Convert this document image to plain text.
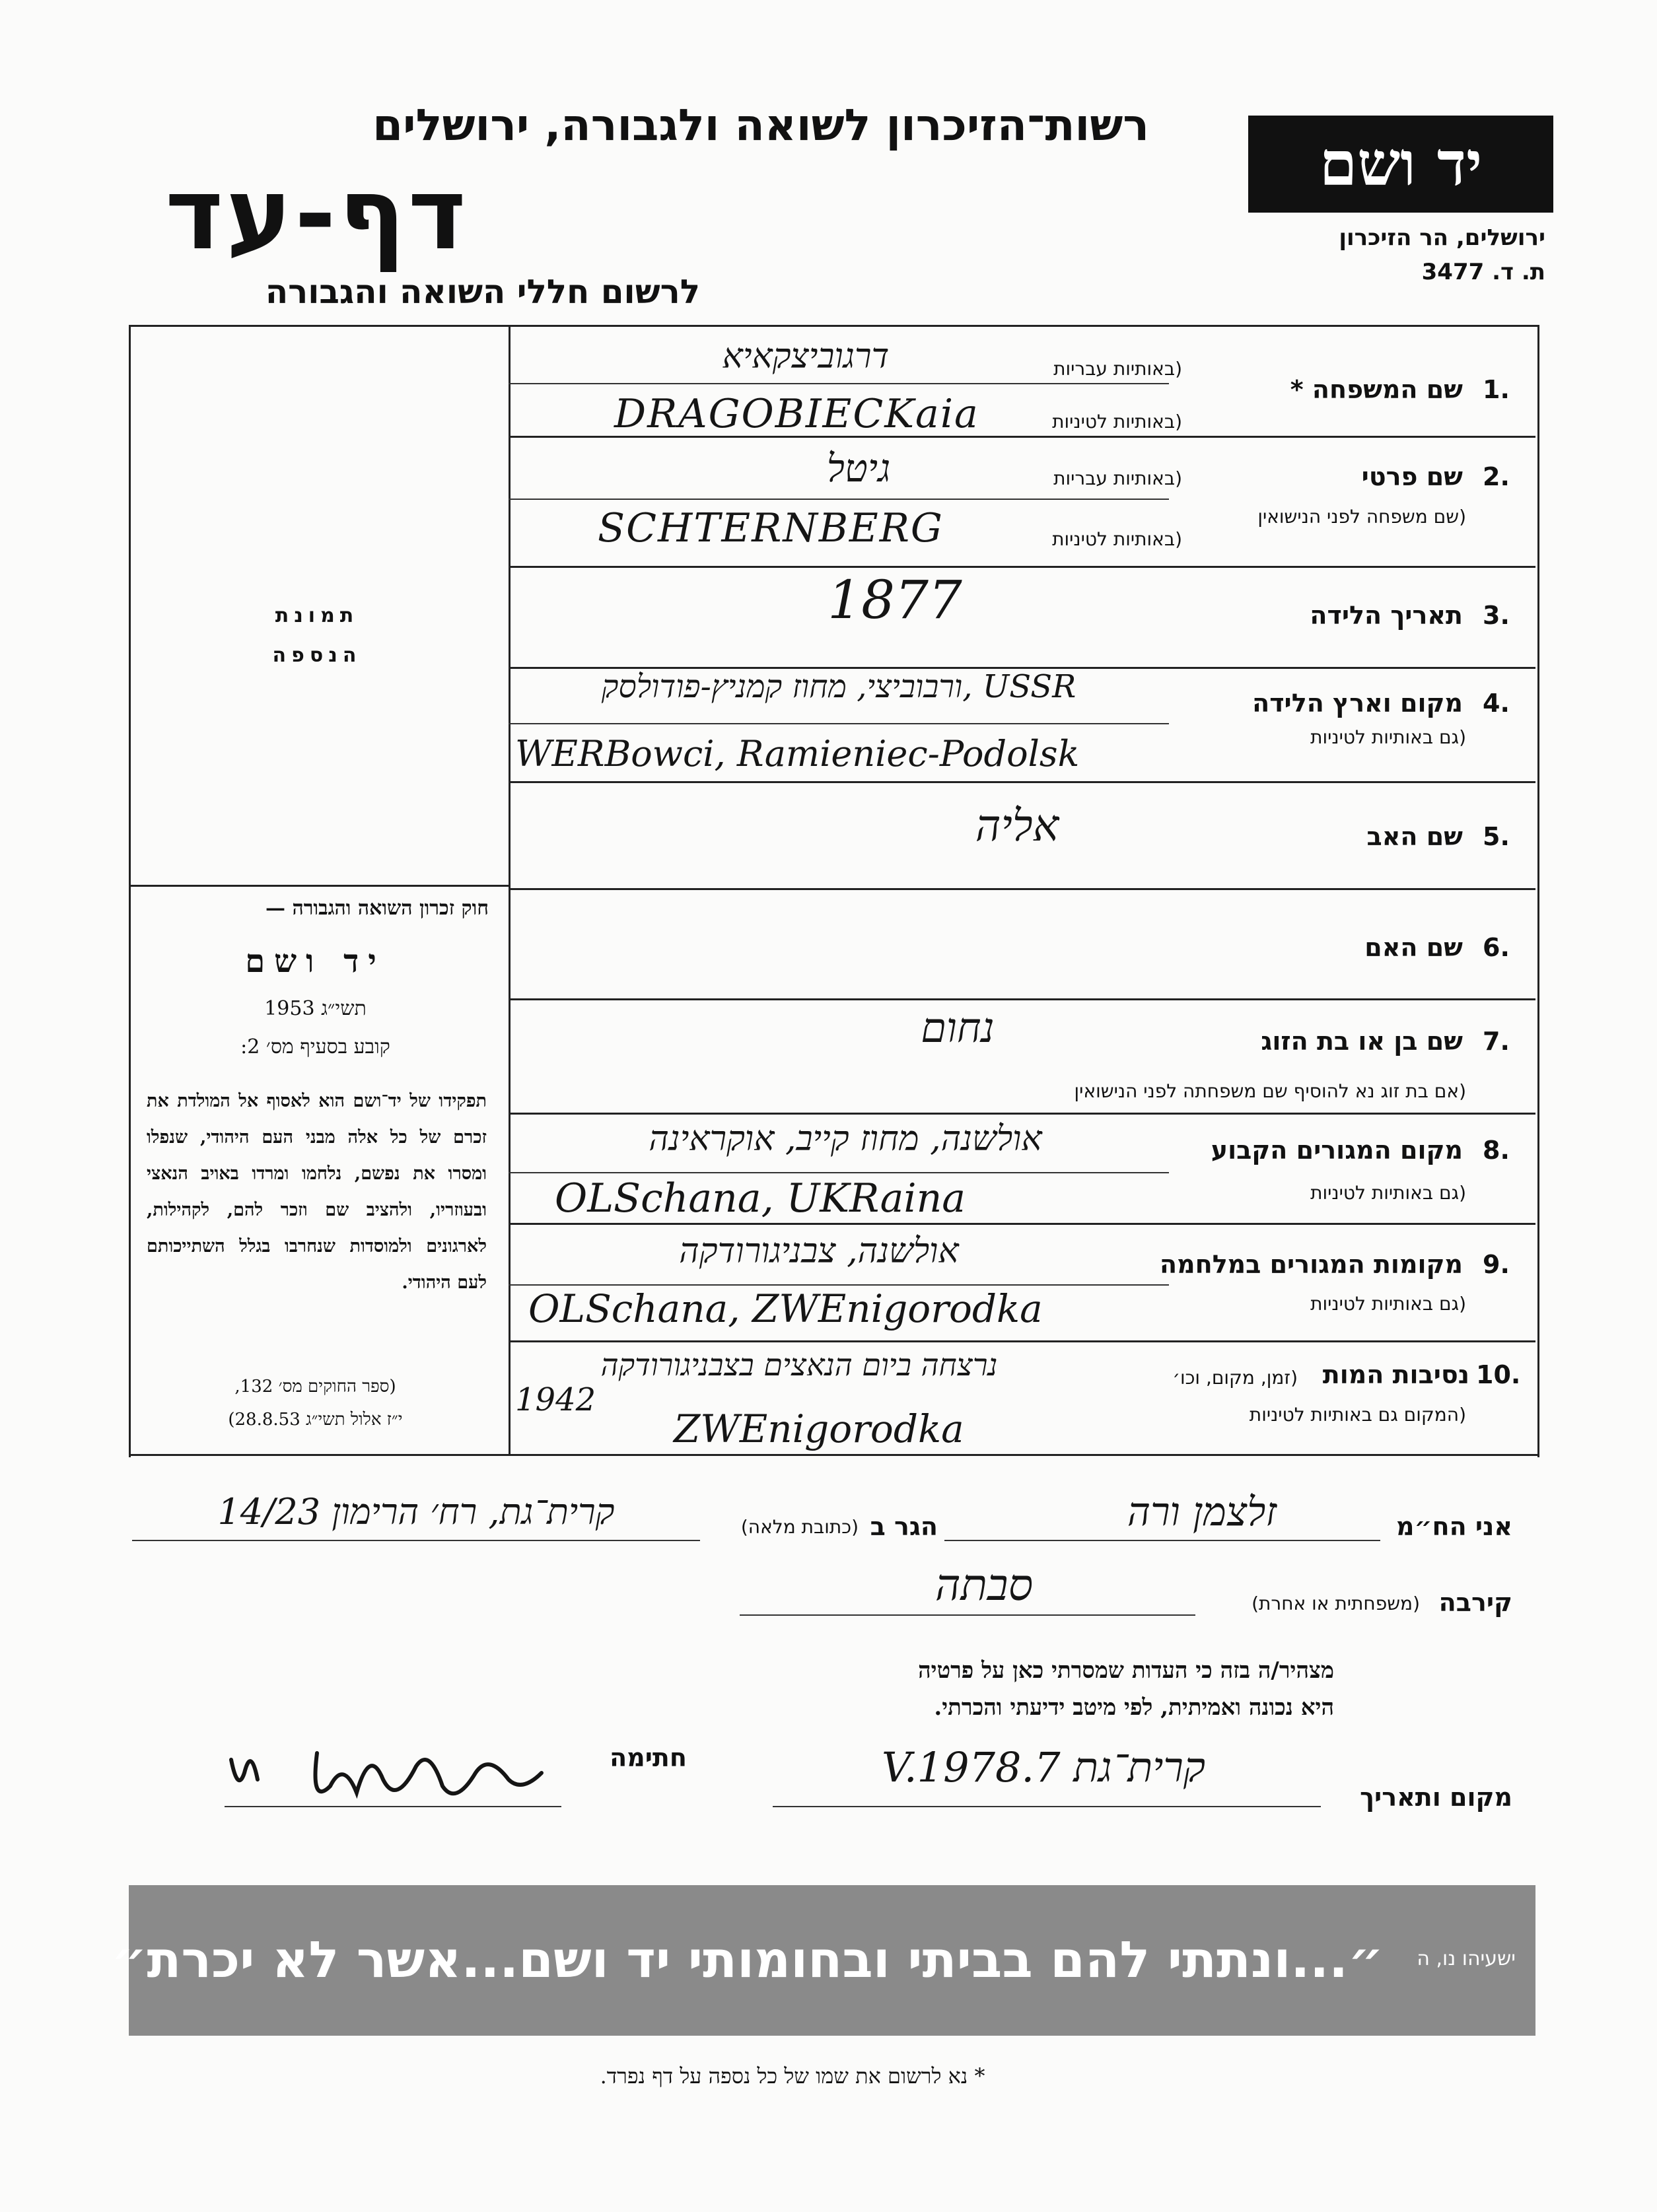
יד ושם
ירושלים, הר הזיכרון
ת. ד. 3477
רשות־הזיכרון לשואה ולגבורה, ירושלים
דף-עד
לרשום חללי השואה והגבורה
תמונת
הנספה
חוק זכרון השואה והגבורה —
יד ושם
תשי״ג 1953
קובע בסעיף מס׳ 2:
תפקידו של יד־ושם הוא לאסוף אל המולדת את זכרם של כל אלה מבני העם היהודי, שנפלו ומסרו את נפשם, נלחמו ומרדו באויב הנאצי ובעוזריו, ולהציב שם וזכר להם, לקהילות, לארגונים ולמוסדות שנחרבו בגלל השתייכותם לעם היהודי.
(ספר החוקים מס׳ 132,
י״ז אלול תשי״ג 28.8.53)
1.
שם המשפחה *
(באותיות עבריות
(באותיות לטיניות
דרגוביצקאיא
DRAGOBIECKaia
2.
שם פרטי
(באותיות עבריות
(שם משפחה לפני הנישואין
(באותיות לטיניות
גיטל
SCHTERNBERG
3.
תאריך הלידה
1877
4.
מקום וארץ הלידה
(גם באותיות לטיניות
USSR ,ורבוביצי, מחוז קמניץ-פודולסק
WERBowci, Ramieniec-Podolsk
5.
שם האב
אליה
6.
שם האם
7.
שם בן או בת הזוג
(אם בת זוג נא להוסיף שם משפחתה לפני הנישואין
נחום
8.
מקום המגורים הקבוע
(גם באותיות לטיניות
אולשנה, מחוז קייב, אוקראינה
OLSchana, UKRaina
9.
מקומות המגורים במלחמה
(גם באותיות לטיניות
אולשנה, צבניגורודקה
OLSchana, ZWEnigorodka
10.
נסיבות המות
(זמן, מקום, וכו׳
(המקום גם באותיות לטיניות
נרצחה ביום הנאצים בצבניגורודקה
1942
ZWEnigorodka
אני הח״מ
זלצמן ורה
הגר ב
(כתובת מלאה)
קרית־גת, רח׳ הרימון 14/23
קירבה
(משפחתית או אחרת)
סבתה
מצהיר/ה בזה כי העדות שמסרתי כאן על פרטיה
היא נכונה ואמיתית, לפי מיטב ידיעתי והכרתי.
מקום ותאריך
קרית־גת 7.V.1978
חתימה
״...ונתתי להם בביתי ובחומותי יד ושם...אשר לא יכרת״	ישעיהו נו, ה
* נא לרשום את שמו של כל נספה על דף נפרד.
